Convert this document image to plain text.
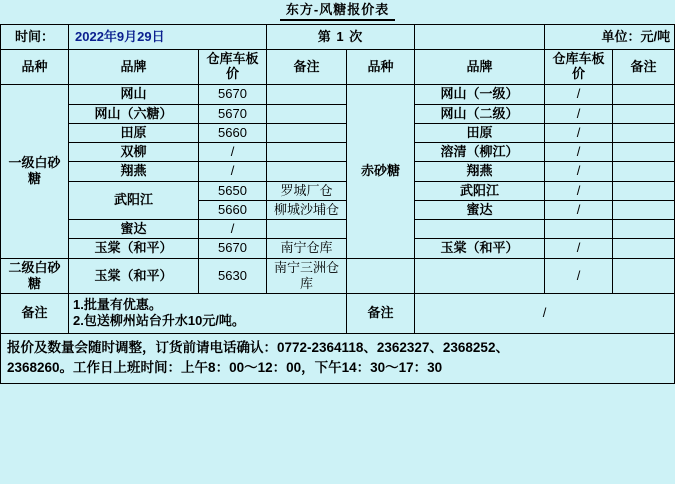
东方-风糖报价表							

时间：	2022年9月29日		第 1 次			单位：元/吨	
品种	品牌	仓库车板价	备注	品种	品牌	仓库车板价	备注
一级白砂糖	网山	5670		赤砂糖	网山（一级）	/	
	网山（六糖）	5670			网山（二级）	/	
	田原	5660			田原	/	
	双柳	/			溶清（柳江）	/	
	翔燕	/			翔燕	/	
	武阳江	5650	罗城厂仓		武阳江	/	
		5660	柳城沙埔仓		蜜达	/	
	蜜达	/					
	玉棠（和平）	5670	南宁仓库		玉棠（和平）	/	
二级白砂糖	玉棠（和平）	5630	南宁三洲仓库			/	
备注	1.批量有优惠。
2.包送柳州站台升水10元/吨。			备注	/		
报价及数量会随时调整，订货前请电话确认：0772-2364118、2362327、2368252、
2368260。工作日上班时间：上午8：00～12：00，下午14：30～17：30
